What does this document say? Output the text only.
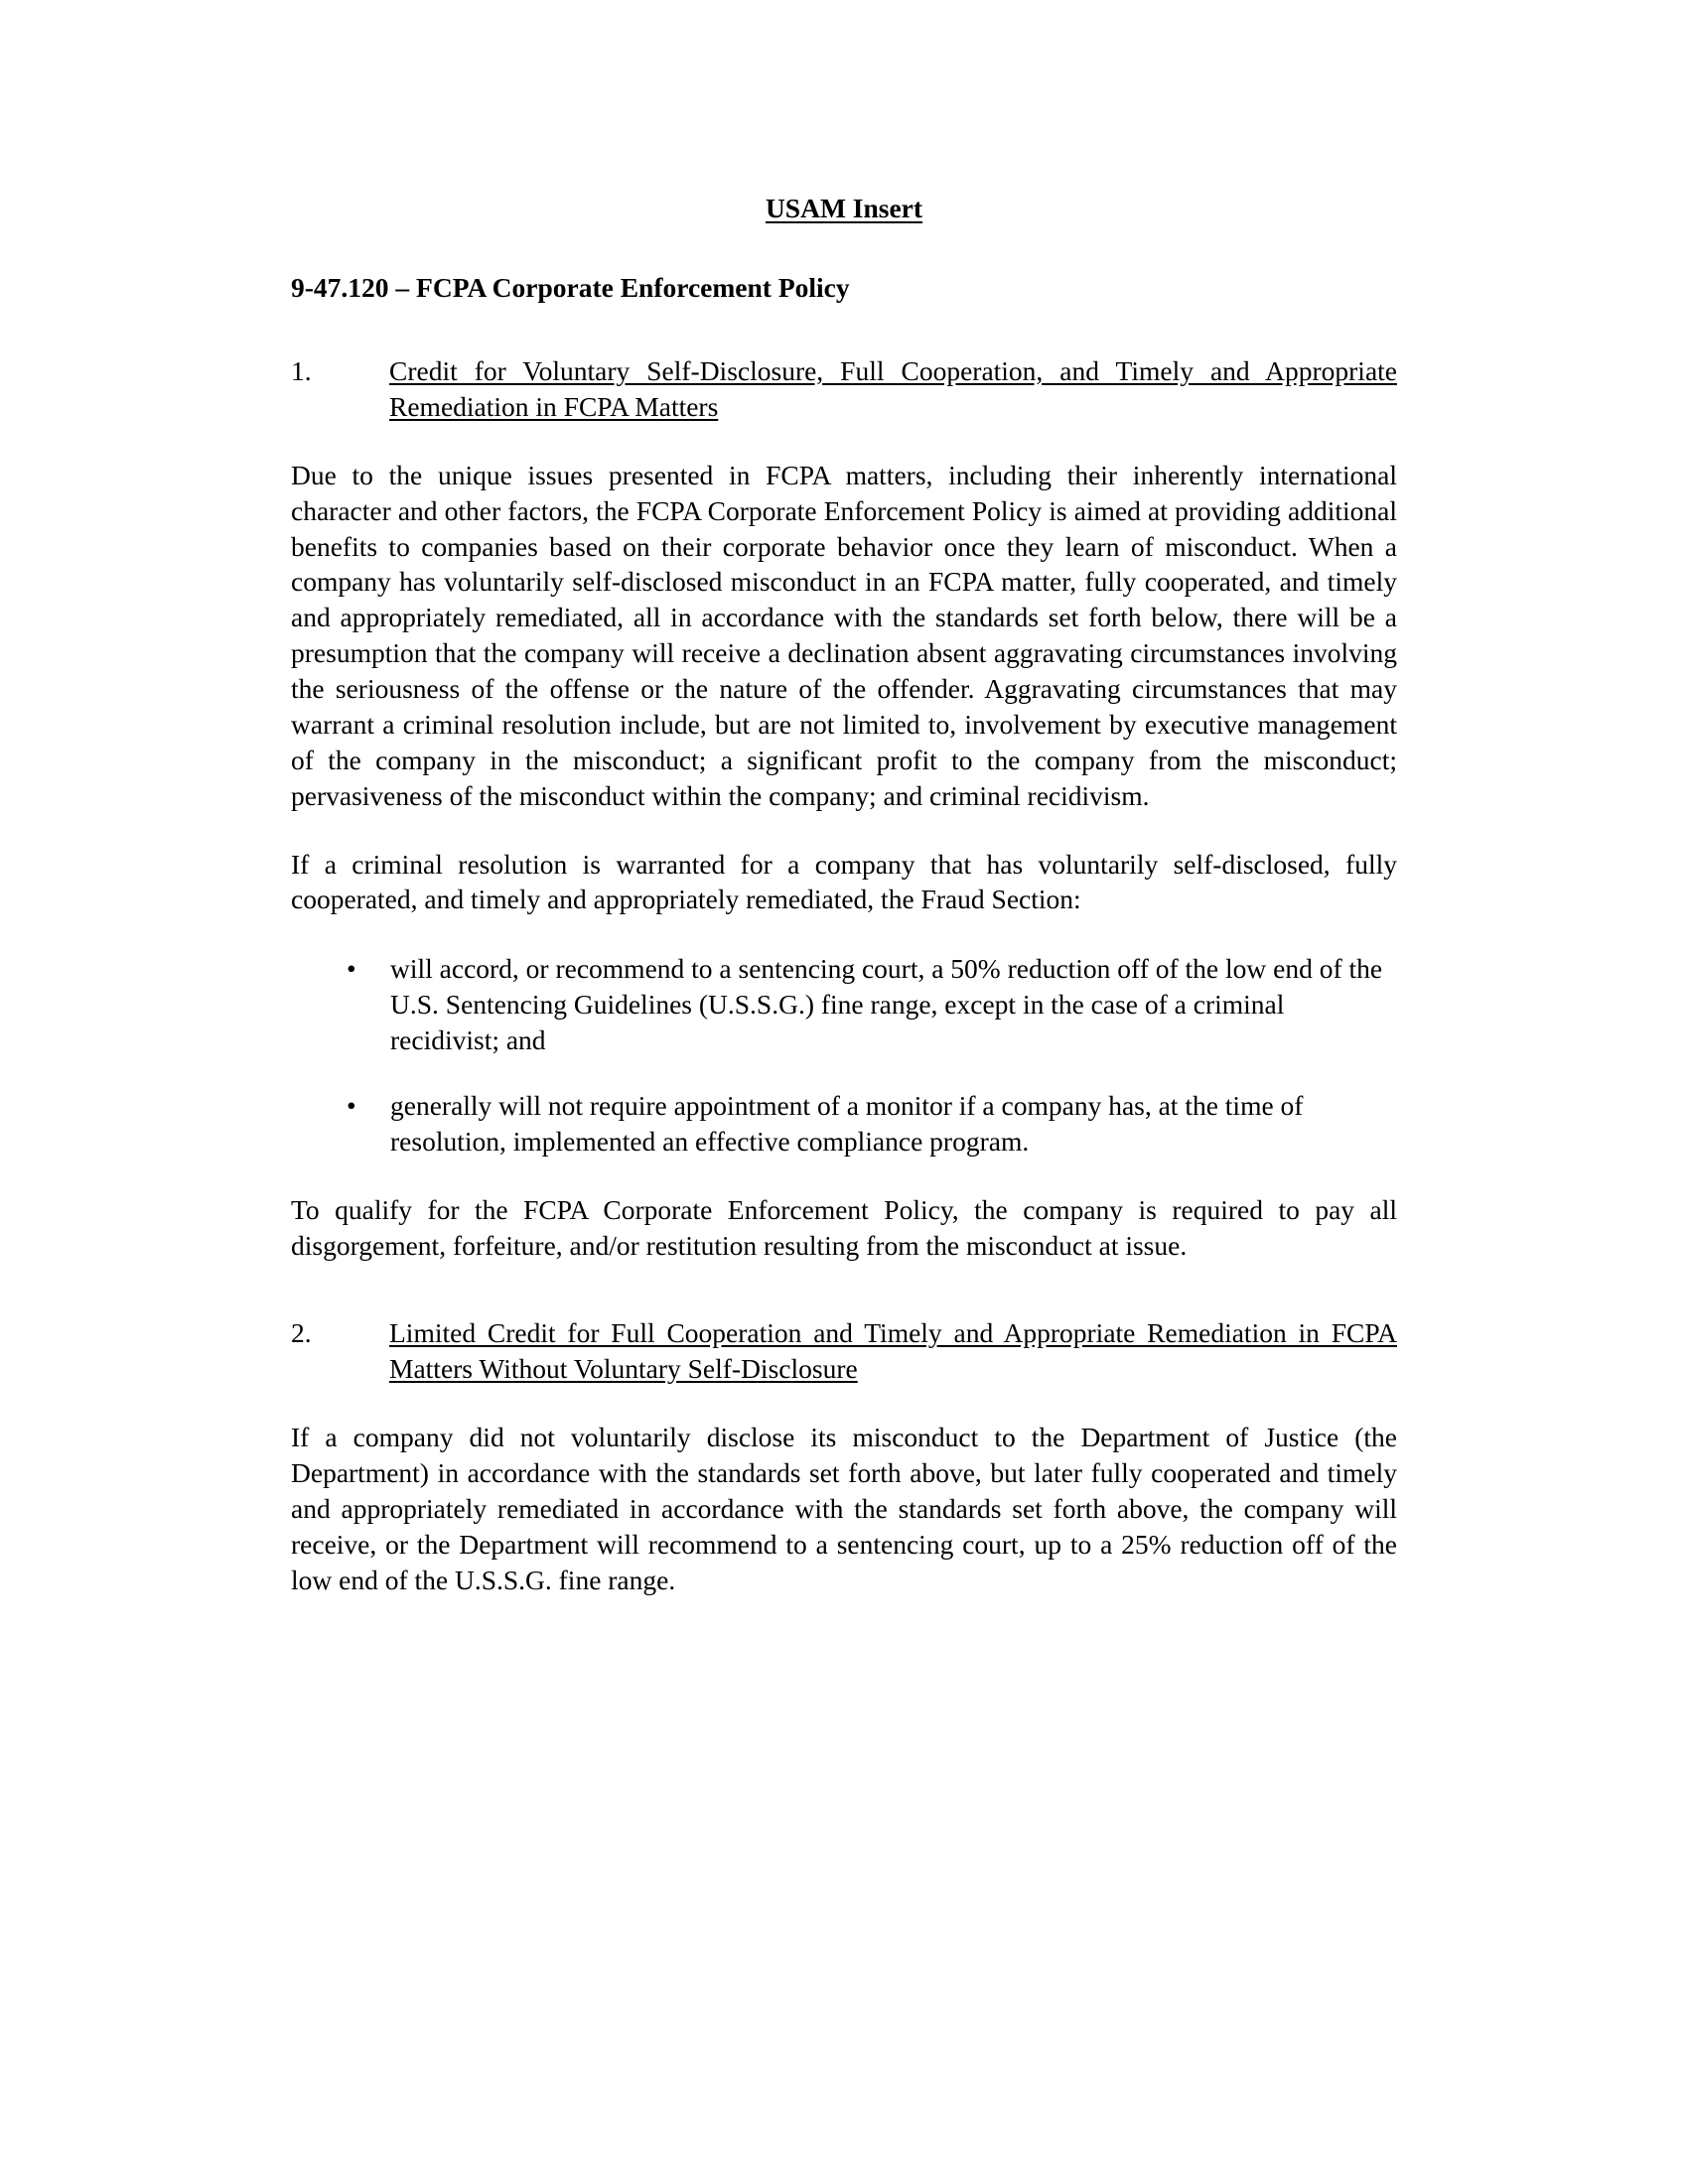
USAM Insert
9-47.120 – FCPA Corporate Enforcement Policy
1.	Credit for Voluntary Self-Disclosure, Full Cooperation, and Timely and Appropriate Remediation in FCPA Matters

Due to the unique issues presented in FCPA matters, including their inherently international character and other factors, the FCPA Corporate Enforcement Policy is aimed at providing additional benefits to companies based on their corporate behavior once they learn of misconduct. When a company has voluntarily self-disclosed misconduct in an FCPA matter, fully cooperated, and timely and appropriately remediated, all in accordance with the standards set forth below, there will be a presumption that the company will receive a declination absent aggravating circumstances involving the seriousness of the offense or the nature of the offender. Aggravating circumstances that may warrant a criminal resolution include, but are not limited to, involvement by executive management of the company in the misconduct; a significant profit to the company from the misconduct; pervasiveness of the misconduct within the company; and criminal recidivism.

If a criminal resolution is warranted for a company that has voluntarily self-disclosed, fully cooperated, and timely and appropriately remediated, the Fraud Section:

• will accord, or recommend to a sentencing court, a 50% reduction off of the low end of the U.S. Sentencing Guidelines (U.S.S.G.) fine range, except in the case of a criminal recidivist; and
• generally will not require appointment of a monitor if a company has, at the time of resolution, implemented an effective compliance program.

To qualify for the FCPA Corporate Enforcement Policy, the company is required to pay all disgorgement, forfeiture, and/or restitution resulting from the misconduct at issue.

2.	Limited Credit for Full Cooperation and Timely and Appropriate Remediation in FCPA Matters Without Voluntary Self-Disclosure

If a company did not voluntarily disclose its misconduct to the Department of Justice (the Department) in accordance with the standards set forth above, but later fully cooperated and timely and appropriately remediated in accordance with the standards set forth above, the company will receive, or the Department will recommend to a sentencing court, up to a 25% reduction off of the low end of the U.S.S.G. fine range.
